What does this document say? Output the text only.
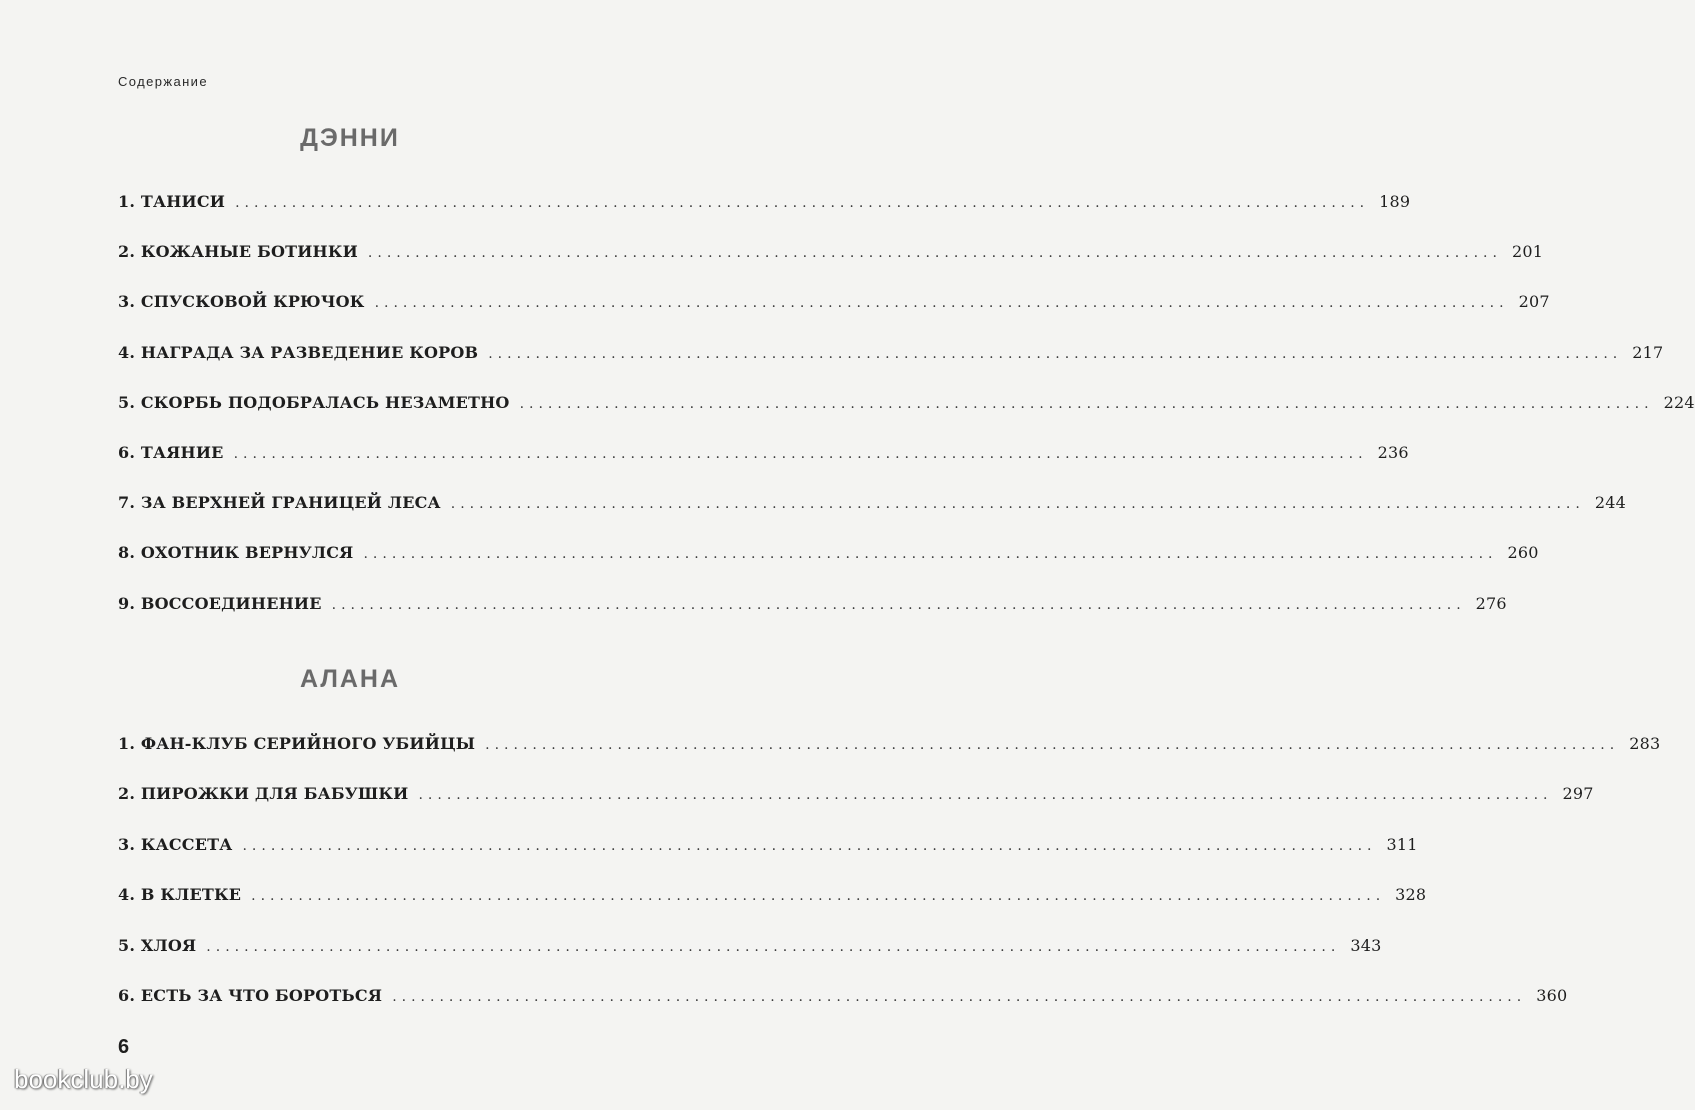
Содержание
ДЭННИ
1. ТАНИСИ ........................................................................................................................ 189
2. КОЖАНЫЕ БОТИНКИ ........................................................................................................................ 201
3. СПУСКОВОЙ КРЮЧОК ........................................................................................................................ 207
4. НАГРАДА ЗА РАЗВЕДЕНИЕ КОРОВ ........................................................................................................................ 217
5. СКОРБЬ ПОДОБРАЛАСЬ НЕЗАМЕТНО ........................................................................................................................ 224
6. ТАЯНИЕ ........................................................................................................................ 236
7. ЗА ВЕРХНЕЙ ГРАНИЦЕЙ ЛЕСА ........................................................................................................................ 244
8. ОХОТНИК ВЕРНУЛСЯ ........................................................................................................................ 260
9. ВОССОЕДИНЕНИЕ ........................................................................................................................ 276
АЛАНА
1. ФАН-КЛУБ СЕРИЙНОГО УБИЙЦЫ ........................................................................................................................ 283
2. ПИРОЖКИ ДЛЯ БАБУШКИ ........................................................................................................................ 297
3. КАССЕТА ........................................................................................................................ 311
4. В КЛЕТКЕ ........................................................................................................................ 328
5. ХЛОЯ ........................................................................................................................ 343
6. ЕСТЬ ЗА ЧТО БОРОТЬСЯ ........................................................................................................................ 360
6
bookclub.by
